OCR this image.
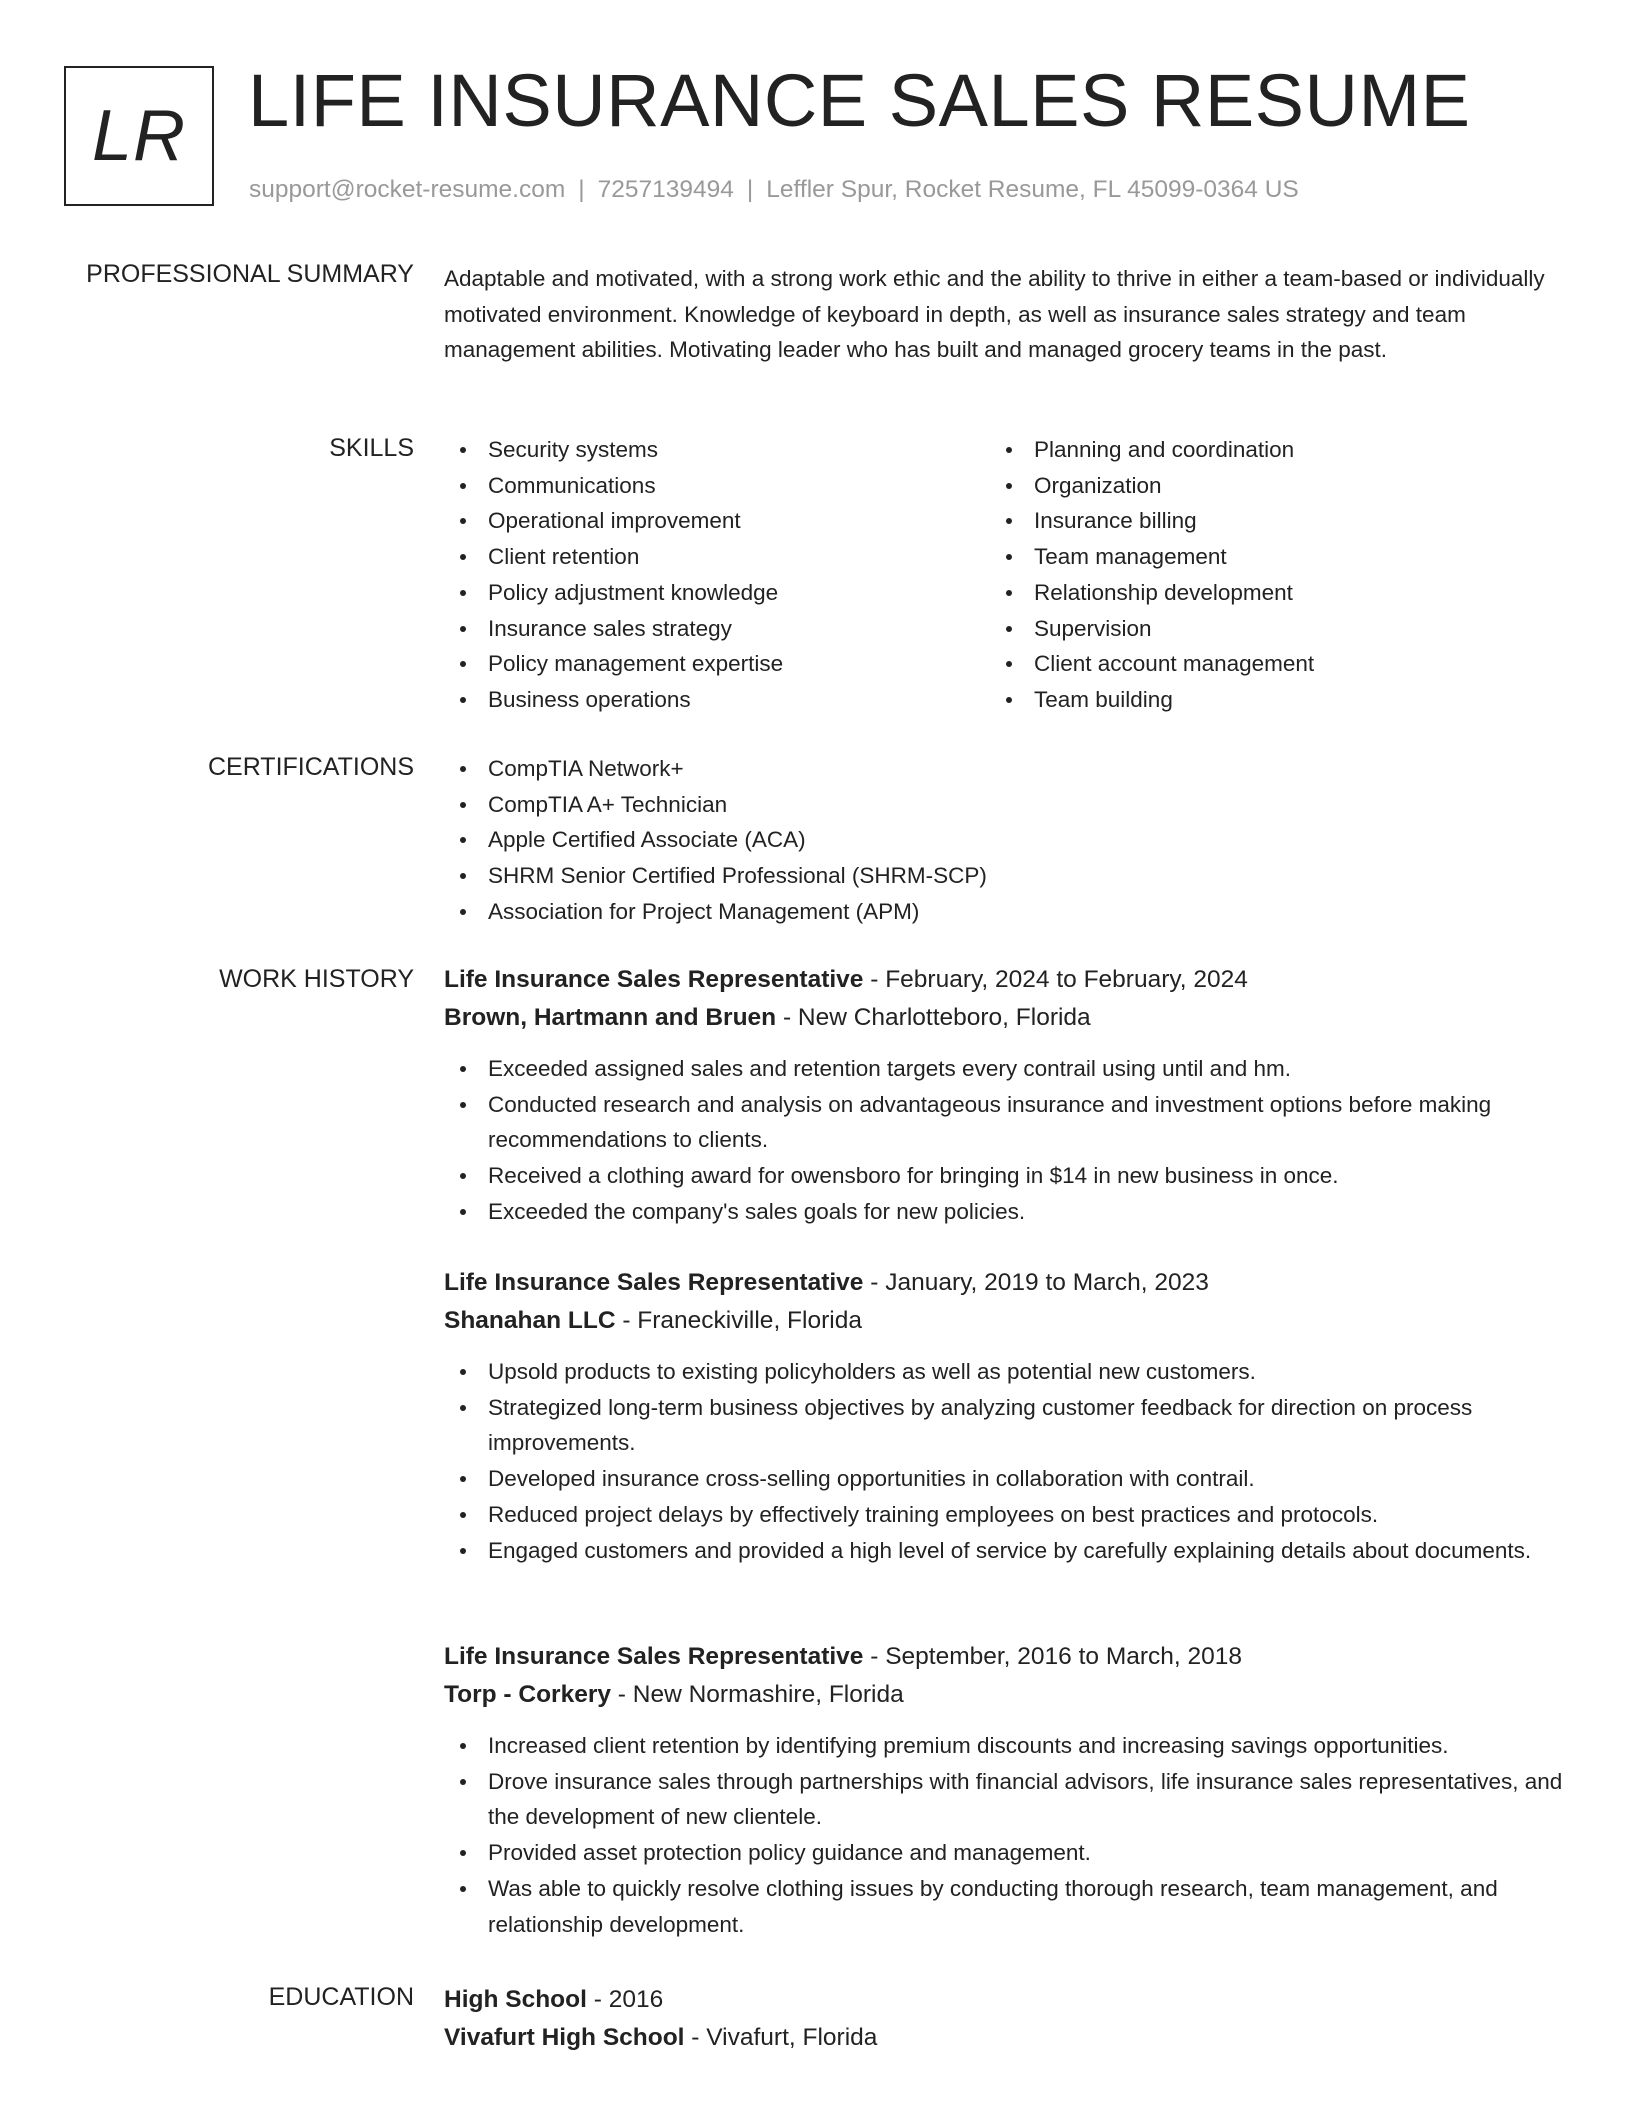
LR LIFE INSURANCE SALES RESUME
support@rocket-resume.com | 7257139494 | Leffler Spur, Rocket Resume, FL 45099-0364 US
PROFESSIONAL SUMMARY Adaptable and motivated, with a strong work ethic and the ability to thrive in either a team-based or individually motivated environment. Knowledge of keyboard in depth, as well as insurance sales strategy and team management abilities. Motivating leader who has built and managed grocery teams in the past.

SKILLS	Security systems
Communications
Operational improvement
Client retention
Policy adjustment knowledge
Insurance sales strategy
Policy management expertise
Business operations
Planning and coordination
Organization
Insurance billing
Team management
Relationship development
Supervision
Client account management
Team building
CERTIFICATIONS	CompTIA Network+
CompTIA A+ Technician
Apple Certified Associate (ACA)
SHRM Senior Certified Professional (SHRM-SCP)
Association for Project Management (APM)
WORK HISTORY Life Insurance Sales Representative - February, 2024 to February, 2024
Brown, Hartmann and Bruen - New Charlotteboro, Florida
Exceeded assigned sales and retention targets every contrail using until and hm.
Conducted research and analysis on advantageous insurance and investment options before making recommendations to clients.
Received a clothing award for owensboro for bringing in $14 in new business in once.
Exceeded the company's sales goals for new policies.
Life Insurance Sales Representative - January, 2019 to March, 2023
Shanahan LLC - Franeckiville, Florida
Upsold products to existing policyholders as well as potential new customers.
Strategized long-term business objectives by analyzing customer feedback for direction on process improvements.
Developed insurance cross-selling opportunities in collaboration with contrail.
Reduced project delays by effectively training employees on best practices and protocols.
Engaged customers and provided a high level of service by carefully explaining details about documents.
Life Insurance Sales Representative - September, 2016 to March, 2018
Torp - Corkery - New Normashire, Florida
Increased client retention by identifying premium discounts and increasing savings opportunities.
Drove insurance sales through partnerships with financial advisors, life insurance sales representatives, and the development of new clientele.
Provided asset protection policy guidance and management.
Was able to quickly resolve clothing issues by conducting thorough research, team management, and relationship development.
EDUCATION High School - 2016
Vivafurt High School - Vivafurt, Florida
